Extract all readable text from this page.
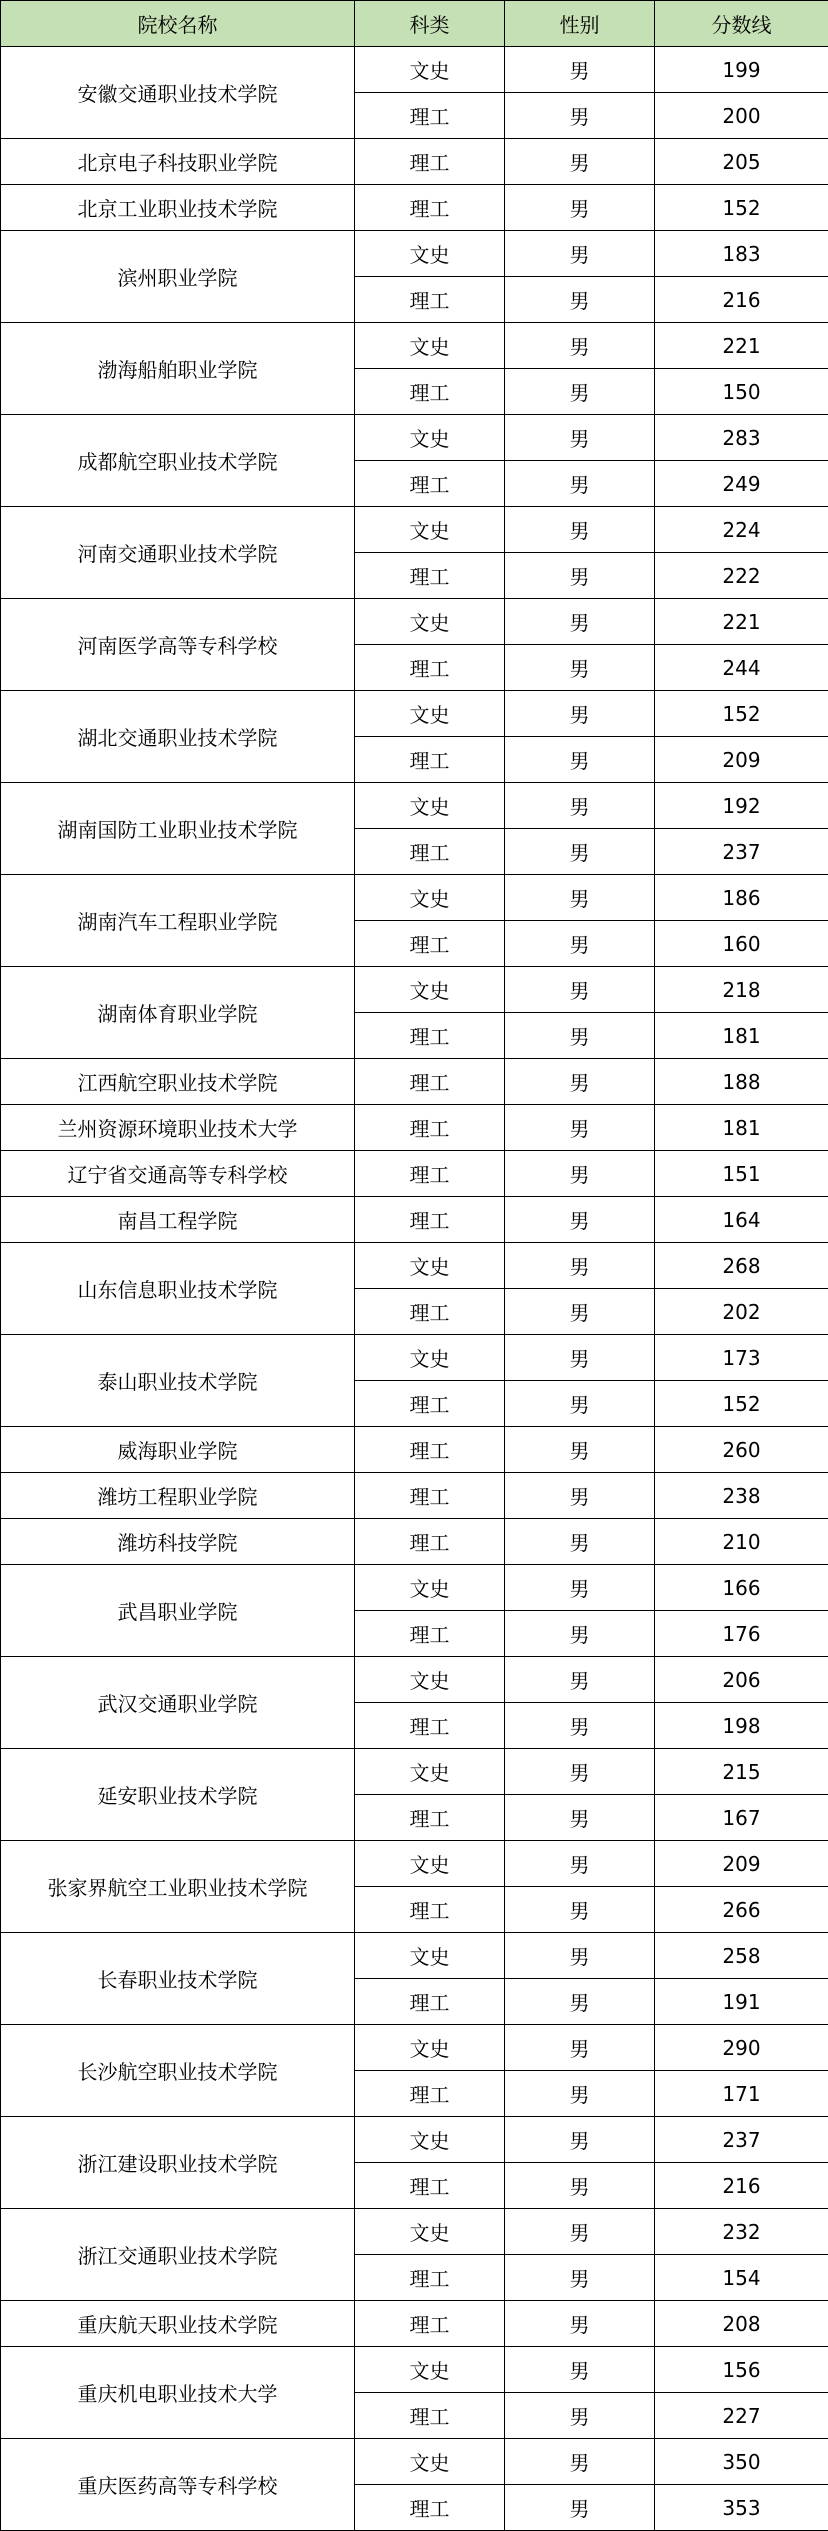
院校名称	科类	性别	分数线
安徽交通职业技术学院	文史	男	199
	理工	男	200
北京电子科技职业学院	理工	男	205
北京工业职业技术学院	理工	男	152
滨州职业学院	文史	男	183
	理工	男	216
渤海船舶职业学院	文史	男	221
	理工	男	150
成都航空职业技术学院	文史	男	283
	理工	男	249
河南交通职业技术学院	文史	男	224
	理工	男	222
河南医学高等专科学校	文史	男	221
	理工	男	244
湖北交通职业技术学院	文史	男	152
	理工	男	209
湖南国防工业职业技术学院	文史	男	192
	理工	男	237
湖南汽车工程职业学院	文史	男	186
	理工	男	160
湖南体育职业学院	文史	男	218
	理工	男	181
江西航空职业技术学院	理工	男	188
兰州资源环境职业技术大学	理工	男	181
辽宁省交通高等专科学校	理工	男	151
南昌工程学院	理工	男	164
山东信息职业技术学院	文史	男	268
	理工	男	202
泰山职业技术学院	文史	男	173
	理工	男	152
威海职业学院	理工	男	260
潍坊工程职业学院	理工	男	238
潍坊科技学院	理工	男	210
武昌职业学院	文史	男	166
	理工	男	176
武汉交通职业学院	文史	男	206
	理工	男	198
延安职业技术学院	文史	男	215
	理工	男	167
张家界航空工业职业技术学院	文史	男	209
	理工	男	266
长春职业技术学院	文史	男	258
	理工	男	191
长沙航空职业技术学院	文史	男	290
	理工	男	171
浙江建设职业技术学院	文史	男	237
	理工	男	216
浙江交通职业技术学院	文史	男	232
	理工	男	154
重庆航天职业技术学院	理工	男	208
重庆机电职业技术大学	文史	男	156
	理工	男	227
重庆医药高等专科学校	文史	男	350
	理工	男	353
